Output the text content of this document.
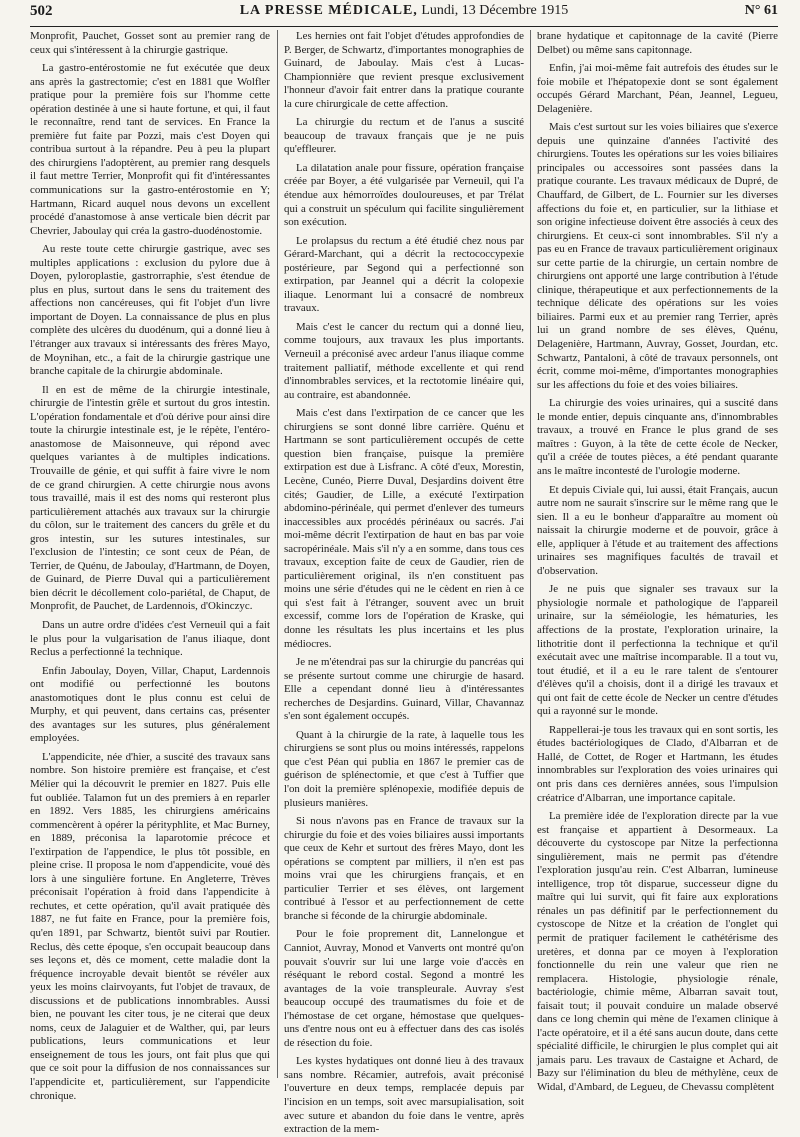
502	LA PRESSE MÉDICALE, Lundi, 13 Décembre 1915	N° 61

Monprofit, Pauchet, Gosset sont au premier rang de ceux qui s'intéressent à la chirurgie gastrique.

La gastro-entérostomie ne fut exécutée que deux ans après la gastrectomie; c'est en 1881 que Wolfler pratique pour la première fois sur l'homme cette opération destinée à une si haute fortune, et qui, il faut le reconnaître, rend tant de services. En France la première fut faite par Pozzi, mais c'est Doyen qui contribua surtout à la répandre. Peu à peu la plupart des chirurgiens l'adoptèrent, au premier rang desquels il faut mettre Terrier, Monprofit qui fit d'intéressantes communications sur la gastro-entérostomie en Y; Hartmann, Ricard auquel nous devons un excellent procédé d'anastomose à anse verticale bien décrit par Chevrier, Jaboulay qui créa la gastro-duodénostomie.

Au reste toute cette chirurgie gastrique, avec ses multiples applications : exclusion du pylore due à Doyen, pyloroplastie, gastrorraphie, s'est étendue de plus en plus, surtout dans le sens du traitement des affections non cancéreuses, qui fit l'objet d'un livre important de Doyen. La connaissance de plus en plus complète des ulcères du duodénum, qui a donné lieu à l'étranger aux travaux si intéressants des frères Mayo, de Moynihan, etc., a fait de la chirurgie gastrique une branche capitale de la chirurgie abdominale.

Il en est de même de la chirurgie intestinale, chirurgie de l'intestin grêle et surtout du gros intestin. L'opération fondamentale et d'où dérive pour ainsi dire toute la chirurgie intestinale est, je le répète, l'entéro-anastomose de Maisonneuve, qui répond avec quelques variantes à de multiples indications. Trouvaille de génie, et qui suffit à faire vivre le nom de ce grand chirurgien. A cette chirurgie nous avons tous travaillé, mais il est des noms qui resteront plus particulièrement attachés aux travaux sur la chirurgie du côlon, sur le traitement des cancers du grêle et du gros intestin, sur les sutures intestinales, sur l'exclusion de l'intestin; ce sont ceux de Péan, de Terrier, de Quénu, de Jaboulay, d'Hartmann, de Doyen, de Guinard, de Pierre Duval qui a particulièrement bien décrit le décollement colo-pariétal, de Chaput, de Monprofit, de Pauchet, de Lardennois, d'Okinczyc.

Dans un autre ordre d'idées c'est Verneuil qui a fait le plus pour la vulgarisation de l'anus iliaque, dont Reclus a perfectionné la technique.

Enfin Jaboulay, Doyen, Villar, Chaput, Lardennois ont modifié ou perfectionné les boutons anastomotiques dont le plus connu est celui de Murphy, et qui peuvent, dans certains cas, présenter des avantages sur les sutures, plus généralement employées.

L'appendicite, née d'hier, a suscité des travaux sans nombre. Son histoire première est française, et c'est Mélier qui la découvrit le premier en 1827. Puis elle fut oubliée. Talamon fut un des premiers à en reparler en 1892. Vers 1885, les chirurgiens américains commencèrent à opérer la pérityphlite, et Mac Burney, en 1889, préconisa la laparotomie précoce et l'extirpation de l'appendice, le plus tôt possible, en pleine crise. Il proposa le nom d'appendicite, voué dès lors à une singulière fortune. En Angleterre, Trèves préconisait l'opération à froid dans l'appendicite à rechutes, et cette opération, qu'il avait pratiquée dès 1887, ne fut faite en France, pour la première fois, qu'en 1891, par Schwartz, bientôt suivi par Routier. Reclus, dès cette époque, s'en occupait beaucoup dans ses leçons et, dès ce moment, cette maladie dont la fréquence incroyable devait bientôt se révéler aux yeux les moins clairvoyants, fut l'objet de travaux, de discussions et de publications innombrables. Aussi bien, ne pouvant les citer tous, je ne citerai que deux noms, ceux de Jalaguier et de Walther, qui, par leurs publications, leurs communications et leur enseignement de tous les jours, ont fait plus que qui que ce soit pour la diffusion de nos connaissances sur l'appendicite et, particulièrement, sur l'appendicite chronique.

Les hernies ont fait l'objet d'études approfondies de P. Berger, de Schwartz, d'importantes monographies de Guinard, de Jaboulay. Mais c'est à Lucas-Championnière que revient presque exclusivement l'honneur d'avoir fait entrer dans la pratique courante la cure chirurgicale de cette affection.

La chirurgie du rectum et de l'anus a suscité beaucoup de travaux français que je ne puis qu'effleurer.

La dilatation anale pour fissure, opération française créée par Boyer, a été vulgarisée par Verneuil, qui l'a étendue aux hémorroïdes douloureuses, et par Trélat qui a construit un spéculum qui facilite singulièrement son exécution.

Le prolapsus du rectum a été étudié chez nous par Gérard-Marchant, qui a décrit la rectococcypexie postérieure, par Segond qui a perfectionné son extirpation, par Jeannel qui a décrit la colopexie iliaque. Lenormant lui a consacré de nombreux travaux.

Mais c'est le cancer du rectum qui a donné lieu, comme toujours, aux travaux les plus importants. Verneuil a préconisé avec ardeur l'anus iliaque comme traitement palliatif, méthode excellente et qui rend d'innombrables services, et la rectotomie linéaire qui, au contraire, est abandonnée.

Mais c'est dans l'extirpation de ce cancer que les chirurgiens se sont donné libre carrière. Quénu et Hartmann se sont particulièrement occupés de cette question bien française, puisque la première extirpation est due à Lisfranc. A côté d'eux, Morestin, Lecène, Cunéo, Pierre Duval, Desjardins doivent être cités; Gaudier, de Lille, a exécuté l'extirpation abdomino-périnéale, qui permet d'enlever des tumeurs inaccessibles aux procédés périnéaux ou sacrés. J'ai moi-même décrit l'extirpation de haut en bas par voie sacropérinéale. Mais s'il n'y a en somme, dans tous ces travaux, exception faite de ceux de Gaudier, rien de particulièrement original, ils n'en constituent pas moins une série d'études qui ne le cèdent en rien à ce qui s'est fait à l'étranger, souvent avec un bruit excessif, comme lors de l'opération de Kraske, qui donne les résultats les plus incertains et les plus médiocres.

Je ne m'étendrai pas sur la chirurgie du pancréas qui se présente surtout comme une chirurgie de hasard. Elle a cependant donné lieu à d'intéressantes recherches de Desjardins. Guinard, Villar, Chavannaz s'en sont également occupés.

Quant à la chirurgie de la rate, à laquelle tous les chirurgiens se sont plus ou moins intéressés, rappelons que c'est Péan qui publia en 1867 le premier cas de guérison de splénectomie, et que c'est à Tuffier que l'on doit la première splénopexie, modifiée depuis de plusieurs manières.

Si nous n'avons pas en France de travaux sur la chirurgie du foie et des voies biliaires aussi importants que ceux de Kehr et surtout des frères Mayo, dont les opérations se comptent par milliers, il n'en est pas moins vrai que les chirurgiens français, et en particulier Terrier et ses élèves, ont largement contribué à l'essor et au perfectionnement de cette branche si féconde de la chirurgie abdominale.

Pour le foie proprement dit, Lannelongue et Canniot, Auvray, Monod et Vanverts ont montré qu'on pouvait s'ouvrir sur lui une large voie d'accès en réséquant le rebord costal. Segond a montré les avantages de la voie transpleurale. Auvray s'est beaucoup occupé des traumatismes du foie et de l'hémostase de cet organe, hémostase que quelques-uns d'entre nous ont eu à effectuer dans des cas isolés de résection du foie.

Les kystes hydatiques ont donné lieu à des travaux sans nombre. Récamier, autrefois, avait préconisé l'ouverture en deux temps, remplacée depuis par l'incision en un temps, soit avec marsupialisation, soit avec suture et abandon du foie dans le ventre, après extraction de la mem-

brane hydatique et capitonnage de la cavité (Pierre Delbet) ou même sans capitonnage.

Enfin, j'ai moi-même fait autrefois des études sur le foie mobile et l'hépatopexie dont se sont également occupés Gérard Marchant, Péan, Jeannel, Legueu, Delagenière.

Mais c'est surtout sur les voies biliaires que s'exerce depuis une quinzaine d'années l'activité des chirurgiens. Toutes les opérations sur les voies biliaires principales ou accessoires sont passées dans la pratique courante. Les travaux médicaux de Dupré, de Chauffard, de Gilbert, de L. Fournier sur les diverses affections du foie et, en particulier, sur la lithiase et son origine infectieuse doivent être associés à ceux des chirurgiens. Et ceux-ci sont innombrables. S'il n'y a pas eu en France de travaux particulièrement originaux sur cette partie de la chirurgie, un certain nombre de chirurgiens ont apporté une large contribution à l'étude clinique, thérapeutique et aux perfectionnements de la technique délicate des opérations sur les voies biliaires. Parmi eux et au premier rang Terrier, après lui un grand nombre de ses élèves, Quénu, Delagenière, Hartmann, Auvray, Gosset, Jourdan, etc. Schwartz, Pantaloni, à côté de travaux personnels, ont écrit, comme moi-même, d'importantes monographies sur les affections du foie et des voies biliaires.

La chirurgie des voies urinaires, qui a suscité dans le monde entier, depuis cinquante ans, d'innombrables travaux, a trouvé en France le plus grand de ses maîtres : Guyon, à la tête de cette école de Necker, qu'il a créée de toutes pièces, a été pendant quarante ans le maître incontesté de l'urologie moderne.

Et depuis Civiale qui, lui aussi, était Français, aucun autre nom ne saurait s'inscrire sur le même rang que le sien. Il a eu le bonheur d'apparaître au moment où naissait la chirurgie moderne et de pouvoir, grâce à elle, appliquer à l'étude et au traitement des affections urinaires ses magnifiques facultés de travail et d'observation.

Je ne puis que signaler ses travaux sur la physiologie normale et pathologique de l'appareil urinaire, sur la séméiologie, les hématuries, les affections de la prostate, l'exploration urinaire, la lithotritie dont il perfectionna la technique et qu'il exécutait avec une maîtrise incomparable. Il a tout vu, tout étudié, et il a eu le rare talent de s'entourer d'élèves qu'il a choisis, dont il a dirigé les travaux et qui ont fait de cette école de Necker un centre d'études qui a rayonné sur le monde.

Rappellerai-je tous les travaux qui en sont sortis, les études bactériologiques de Clado, d'Albarran et de Hallé, de Cottet, de Roger et Hartmann, les études innombrables sur l'exploration des voies urinaires qui ont pris dans ces dernières années, sous l'impulsion créatrice d'Albarran, une importance capitale.

La première idée de l'exploration directe par la vue est française et appartient à Desormeaux. La découverte du cystoscope par Nitze la perfectionna singulièrement, mais ne permit pas d'étendre l'exploration jusqu'au rein. C'est Albarran, lumineuse intelligence, trop tôt disparue, successeur digne du maître qui lui survit, qui fit faire aux explorations rénales un pas définitif par le perfectionnement du cystoscope de Nitze et la création de l'onglet qui permit de pratiquer facilement le cathétérisme des uretères, et donna par ce moyen à l'exploration fonctionnelle du rein une valeur que rien ne remplacera. Histologie, physiologie rénale, bactériologie, chimie même, Albarran savait tout, faisait tout; il pouvait conduire un malade observé dans ce long chemin qui mène de l'examen clinique à l'acte opératoire, et il a été sans aucun doute, dans cette spécialité difficile, le chirurgien le plus complet qui ait jamais paru. Les travaux de Castaigne et Achard, de Bazy sur l'élimination du bleu de méthylène, ceux de Widal, d'Ambard, de Legueu, de Chevassu complètent
